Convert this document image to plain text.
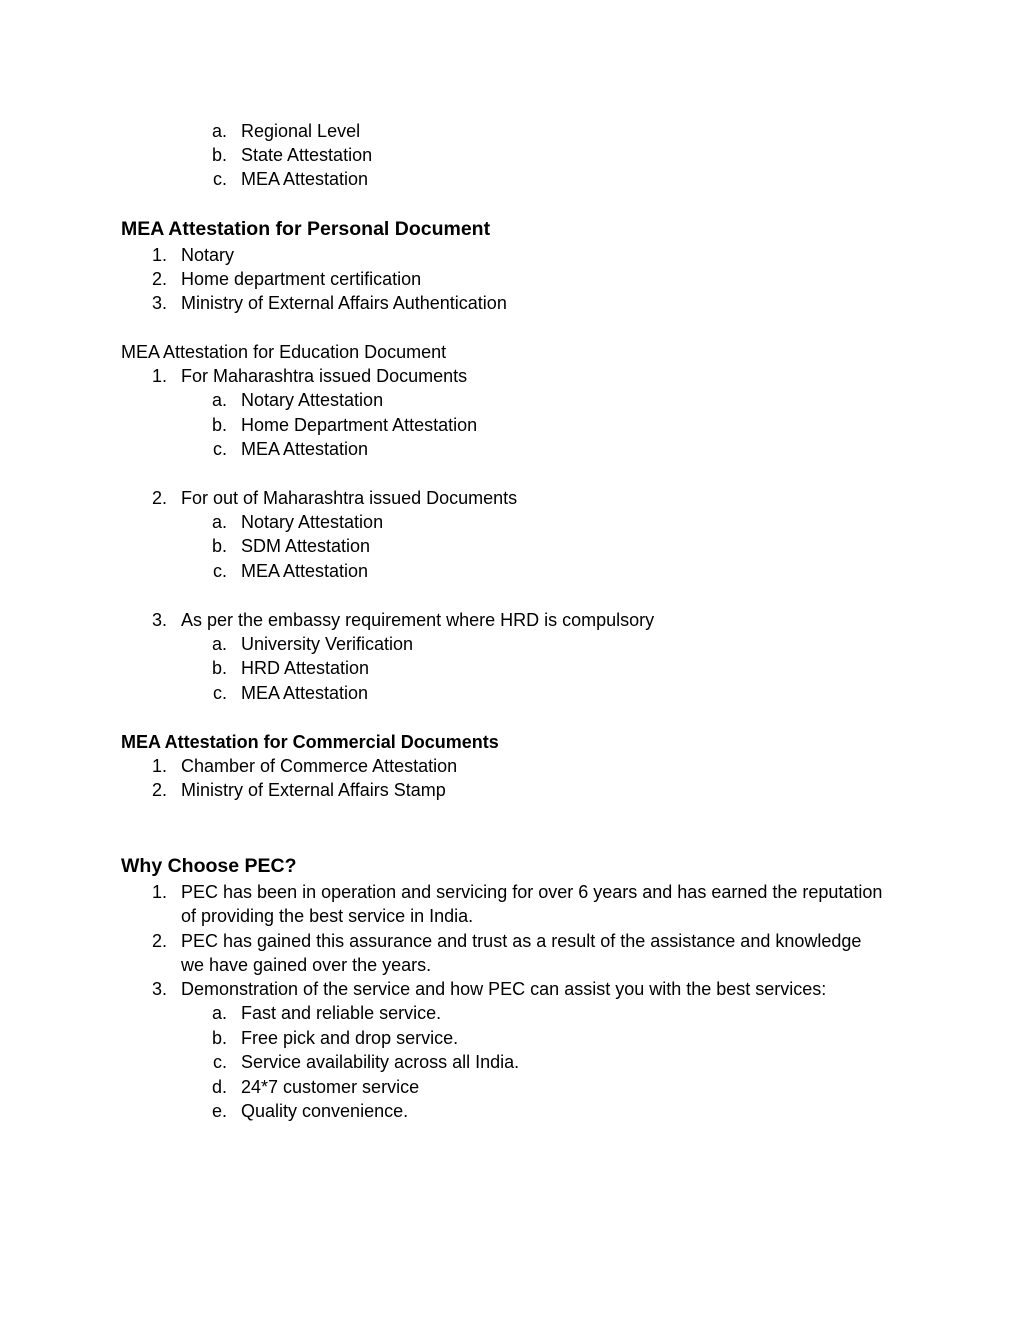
a. Regional Level
b. State Attestation
c. MEA Attestation
MEA Attestation for Personal Document
1. Notary
2. Home department certification
3. Ministry of External Affairs Authentication
MEA Attestation for Education Document
1. For Maharashtra issued Documents
a. Notary Attestation
b. Home Department Attestation
c. MEA Attestation
2. For out of Maharashtra issued Documents
a. Notary Attestation
b. SDM Attestation
c. MEA Attestation
3. As per the embassy requirement where HRD is compulsory
a. University Verification
b. HRD Attestation
c. MEA Attestation
MEA Attestation for Commercial Documents
1. Chamber of Commerce Attestation
2. Ministry of External Affairs Stamp
Why Choose PEC?
1. PEC has been in operation and servicing for over 6 years and has earned the reputation
of providing the best service in India.
2. PEC has gained this assurance and trust as a result of the assistance and knowledge
we have gained over the years.
3. Demonstration of the service and how PEC can assist you with the best services:
a. Fast and reliable service.
b. Free pick and drop service.
c. Service availability across all India.
d. 24*7 customer service
e. Quality convenience.
